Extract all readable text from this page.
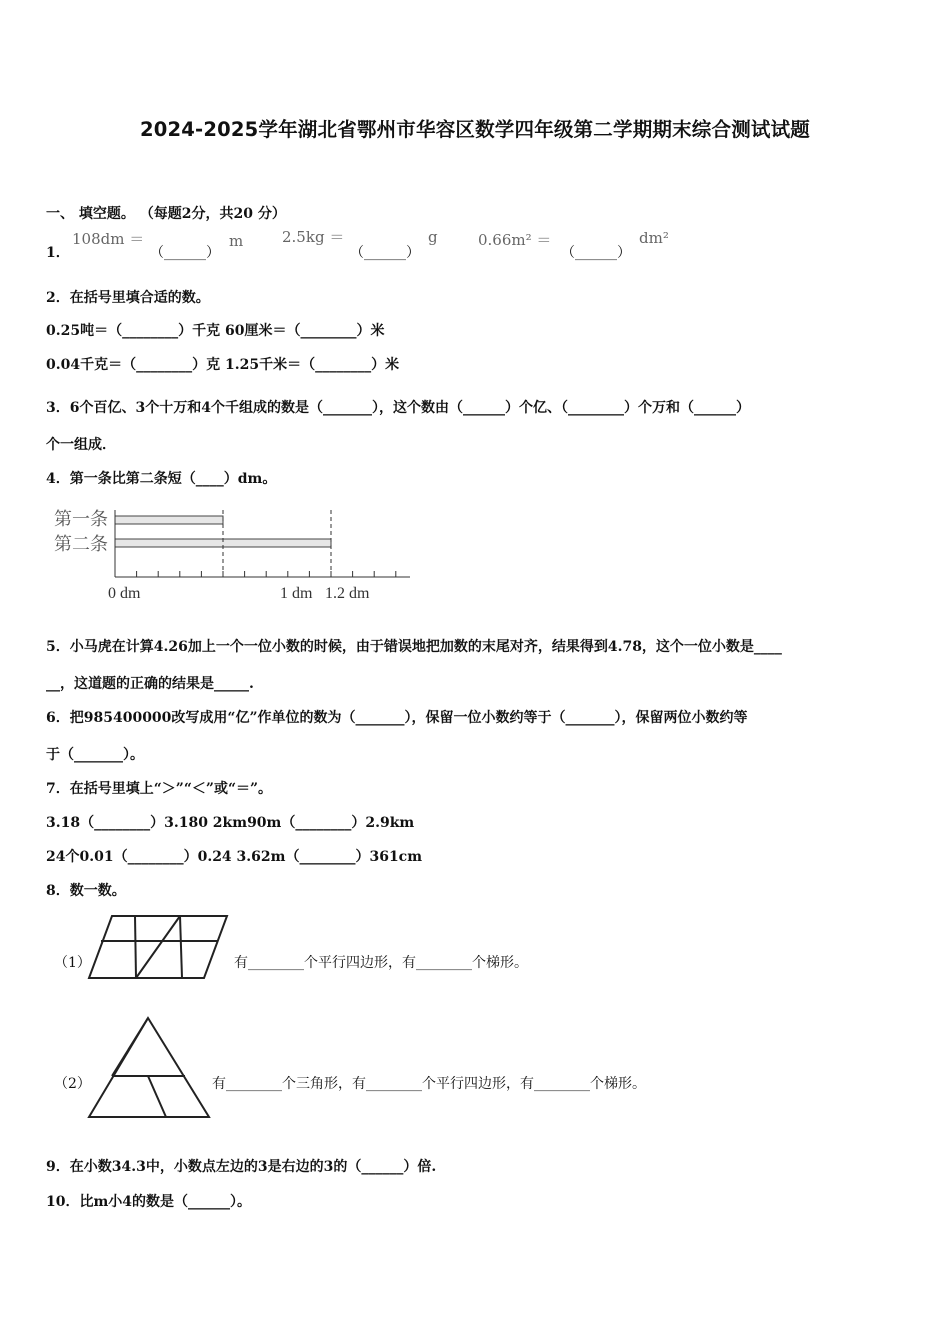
2024-2025学年湖北省鄂州市华容区数学四年级第二学期期末综合测试试题
一、 填空题。 （每题2分，共20 分）
1．
108dm ＝
（______）
m	2.5kg ＝
（______）
g	0.66m² ＝
（______）
dm²
2．在括号里填合适的数。
0.25吨＝（________）千克 60厘米＝（________）米
0.04千克＝（________）克 1.25千米＝（________）米
3．6个百亿、3个十万和4个千组成的数是（_______），这个数由（______）个亿、（________）个万和（______）
个一组成．
4．第一条比第二条短（____）dm。
第一条
第二条
0 dm	1 dm 1.2 dm
5．小马虎在计算4.26加上一个一位小数的时候，由于错误地把加数的末尾对齐，结果得到4.78，这个一位小数是____
__，这道题的正确的结果是_____.
6．把985400000改写成用“亿”作单位的数为（_______），保留一位小数约等于（_______），保留两位小数约等
于（_______）。
7．在括号里填上“＞”“＜”或“＝”。
3.18（________）3.180 2km90m（________）2.9km
24个0.01（________）0.24 3.62m（________）361cm
8．数一数。
（1）	有________个平行四边形，有________个梯形。
（2）	有________个三角形，有________个平行四边形，有________个梯形。
9．在小数34.3中，小数点左边的3是右边的3的（______）倍.
10．比m小4的数是（______）。
